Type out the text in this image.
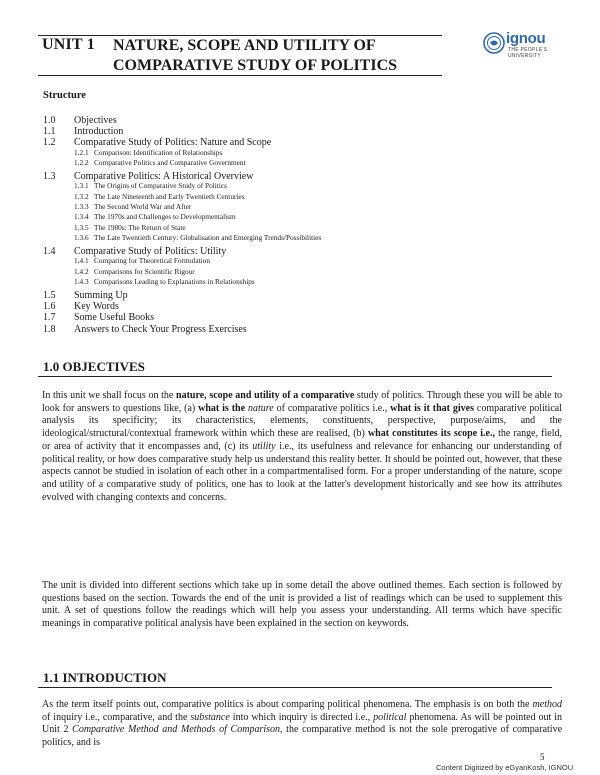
UNIT 1 NATURE, SCOPE AND UTILITY OF
COMPARATIVE STUDY OF POLITICS
ignou
THE PEOPLE'S UNIVERSITY
Structure
1.0 Objectives
1.1 Introduction
1.2 Comparative Study of Politics: Nature and Scope
1.2.1 Comparison: Identification of Relationships
1.2.2 Comparative Politics and Comparative Government
1.3 Comparative Politics: A Historical Overview
1.3.1 The Origins of Comparative Study of Politics
1.3.2 The Late Nineteenth and Early Twentieth Centuries
1.3.3 The Second World War and After
1.3.4 The 1970s and Challenges to Developmentalism
1.3.5 The 1980s: The Return of State
1.3.6 The Late Twentieth Century: Globalisation and Emerging Trends/Possibilities
1.4 Comparative Study of Politics: Utility
1.4.1 Comparing for Theoretical Formulation
1.4.2 Comparisons for Scientific Rigour
1.4.3 Comparisons Leading to Explanations in Relationships
1.5 Summing Up
1.6 Key Words
1.7 Some Useful Books
1.8 Answers to Check Your Progress Exercises
1.0 OBJECTIVES
In this unit we shall focus on the nature, scope and utility of a comparative study of politics. Through these you will be able to look for answers to questions like, (a) what is the nature of comparative politics i.e., what is it that gives comparative political analysis its specificity; its characteristics, elements, constituents, perspective, purpose/aims, and the ideological/structural/contextual framework within which these are realised, (b) what constitutes its scope i.e., the range, field, or area of activity that it encompasses and, (c) its utility i.e., its usefulness and relevance for enhancing our understanding of political reality, or how does comparative study help us understand this reality better. It should be pointed out, however, that these aspects cannot be studied in isolation of each other in a compartmentalised form. For a proper understanding of the nature, scope and utility of a comparative study of politics, one has to look at the latter's development historically and see how its attributes evolved with changing contexts and concerns.
The unit is divided into different sections which take up in some detail the above outlined themes. Each section is followed by questions based on the section. Towards the end of the unit is provided a list of readings which can be used to supplement this unit. A set of questions follow the readings which will help you assess your understanding. All terms which have specific meanings in comparative political analysis have been explained in the section on keywords.
1.1 INTRODUCTION
As the term itself points out, comparative politics is about comparing political phenomena. The emphasis is on both the method of inquiry i.e., comparative, and the substance into which inquiry is directed i.e., political phenomena. As will be pointed out in Unit 2 Comparative Method and Methods of Comparison, the comparative method is not the sole prerogative of comparative politics, and is
5
Content Digitized by eGyanKosh, IGNOU
